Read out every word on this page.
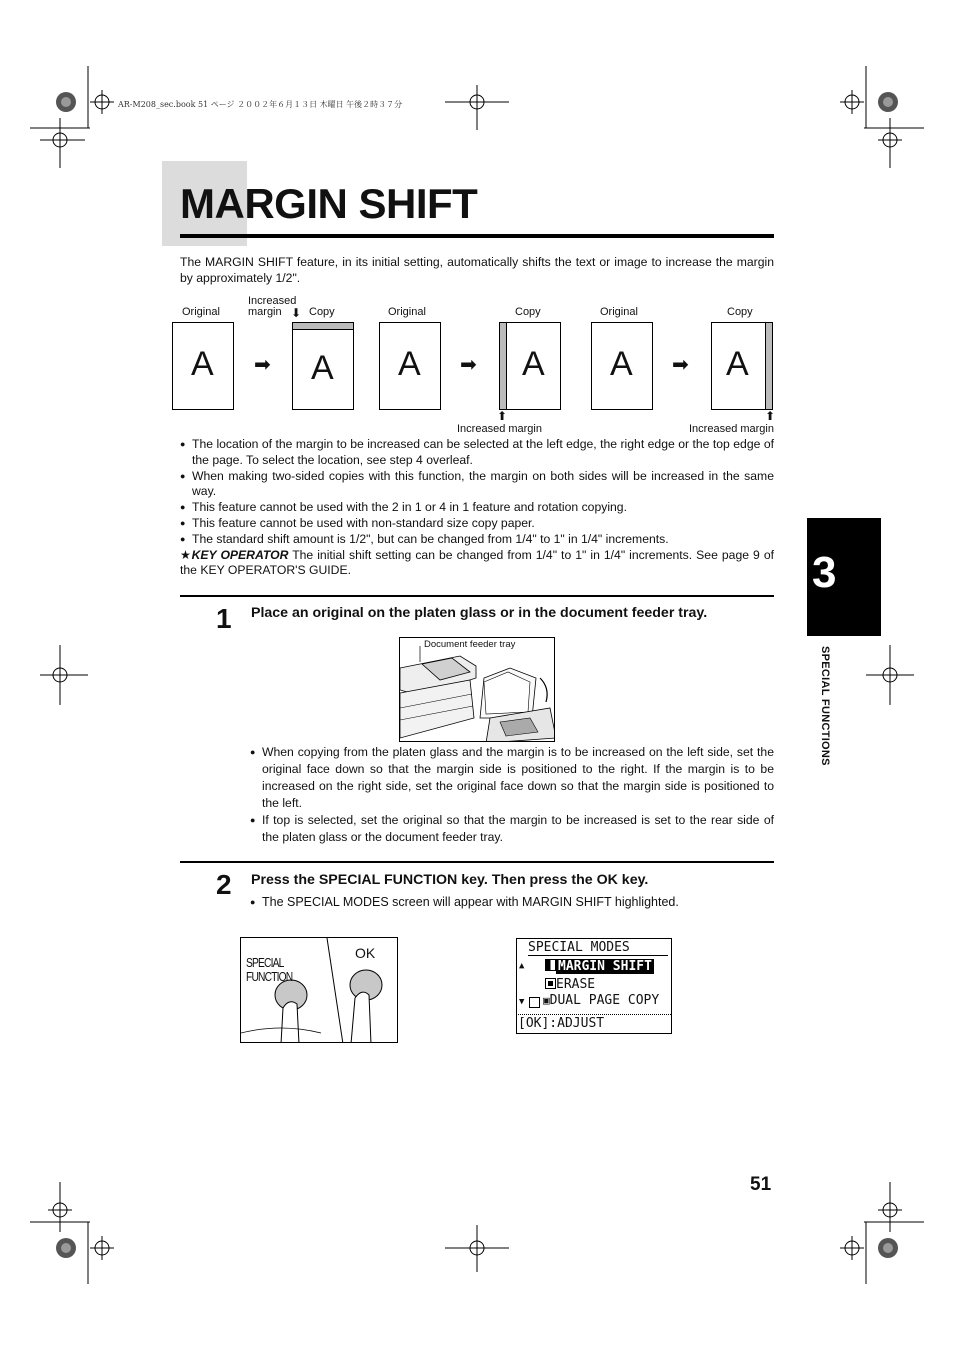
AR-M208_sec.book 51 ページ ２００２年６月１３日 木曜日 午後２時３７分
MARGIN SHIFT
The MARGIN SHIFT feature, in its initial setting, automatically shifts the text or image to increase the margin by approximately 1/2".
Original
A ➡
Increased
margin ⬇ Copy
A
Original
A ➡
Copy
A
⬆
Increased margin
Original
A ➡
Copy
A
⬆
Increased margin
● The location of the margin to be increased can be selected at the left edge, the right edge or the top edge of the page. To select the location, see step 4 overleaf.
● When making two-sided copies with this function, the margin on both sides will be increased in the same way.
● This feature cannot be used with the 2 in 1 or 4 in 1 feature and rotation copying.
● This feature cannot be used with non-standard size copy paper.
● The standard shift amount is 1/2", but can be changed from 1/4" to 1" in 1/4" increments.
★KEY OPERATOR The initial shift setting can be changed from 1/4" to 1" in 1/4" increments. See page 9 of the KEY OPERATOR'S GUIDE.
1 Place an original on the platen glass or in the document feeder tray.
Document feeder tray
● When copying from the platen glass and the margin is to be increased on the left side, set the original face down so that the margin side is positioned to the right. If the margin is to be increased on the right side, set the original face down so that the margin side is positioned to the left.
● If top is selected, set the original so that the margin to be increased is set to the rear side of the platen glass or the document feeder tray.
2 Press the SPECIAL FUNCTION key. Then press the OK key.
● The SPECIAL MODES screen will appear with MARGIN SHIFT highlighted.
SPECIAL FUNCTION
OK	SPECIAL MODES
▲	MARGIN SHIFT
ERASE
▼ ▣DUAL PAGE COPY
[OK]:ADJUST
3
SPECIAL FUNCTIONS
51
